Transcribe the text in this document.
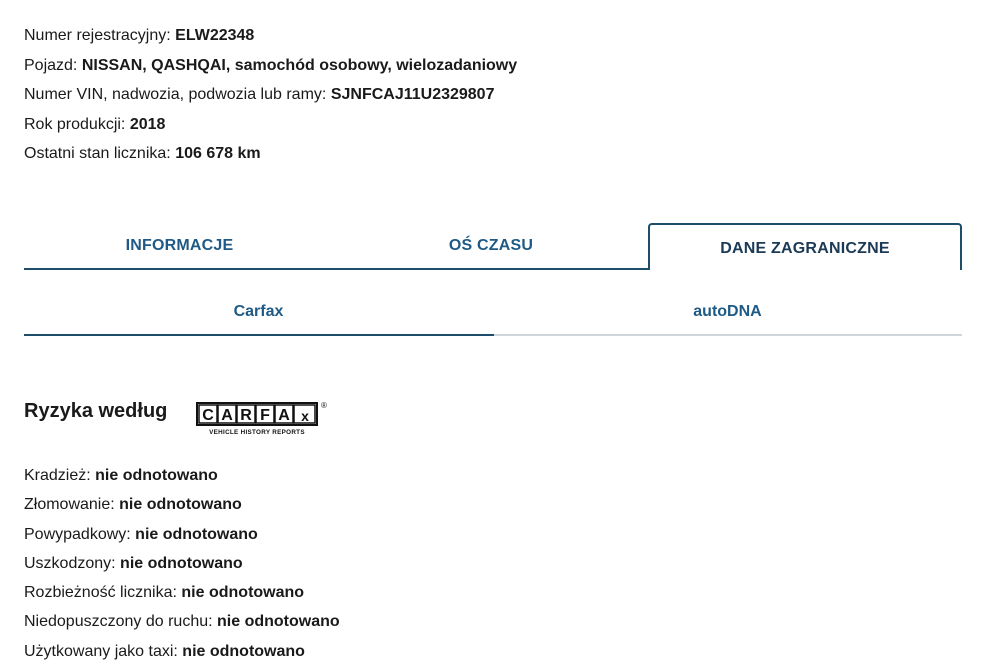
Numer rejestracyjny: ELW22348
Pojazd: NISSAN, QASHQAI, samochód osobowy, wielozadaniowy
Numer VIN, nadwozia, podwozia lub ramy: SJNFCAJ11U2329807
Rok produkcji: 2018
Ostatni stan licznika: 106 678 km
INFORMACJE	OŚ CZASU	DANE ZAGRANICZNE
Carfax	autoDNA
Ryzyka według C A R F A x
VEHICLE HISTORY REPORTS
®
Kradzież: nie odnotowano
Złomowanie: nie odnotowano
Powypadkowy: nie odnotowano
Uszkodzony: nie odnotowano
Rozbieżność licznika: nie odnotowano
Niedopuszczony do ruchu: nie odnotowano
Użytkowany jako taxi: nie odnotowano
